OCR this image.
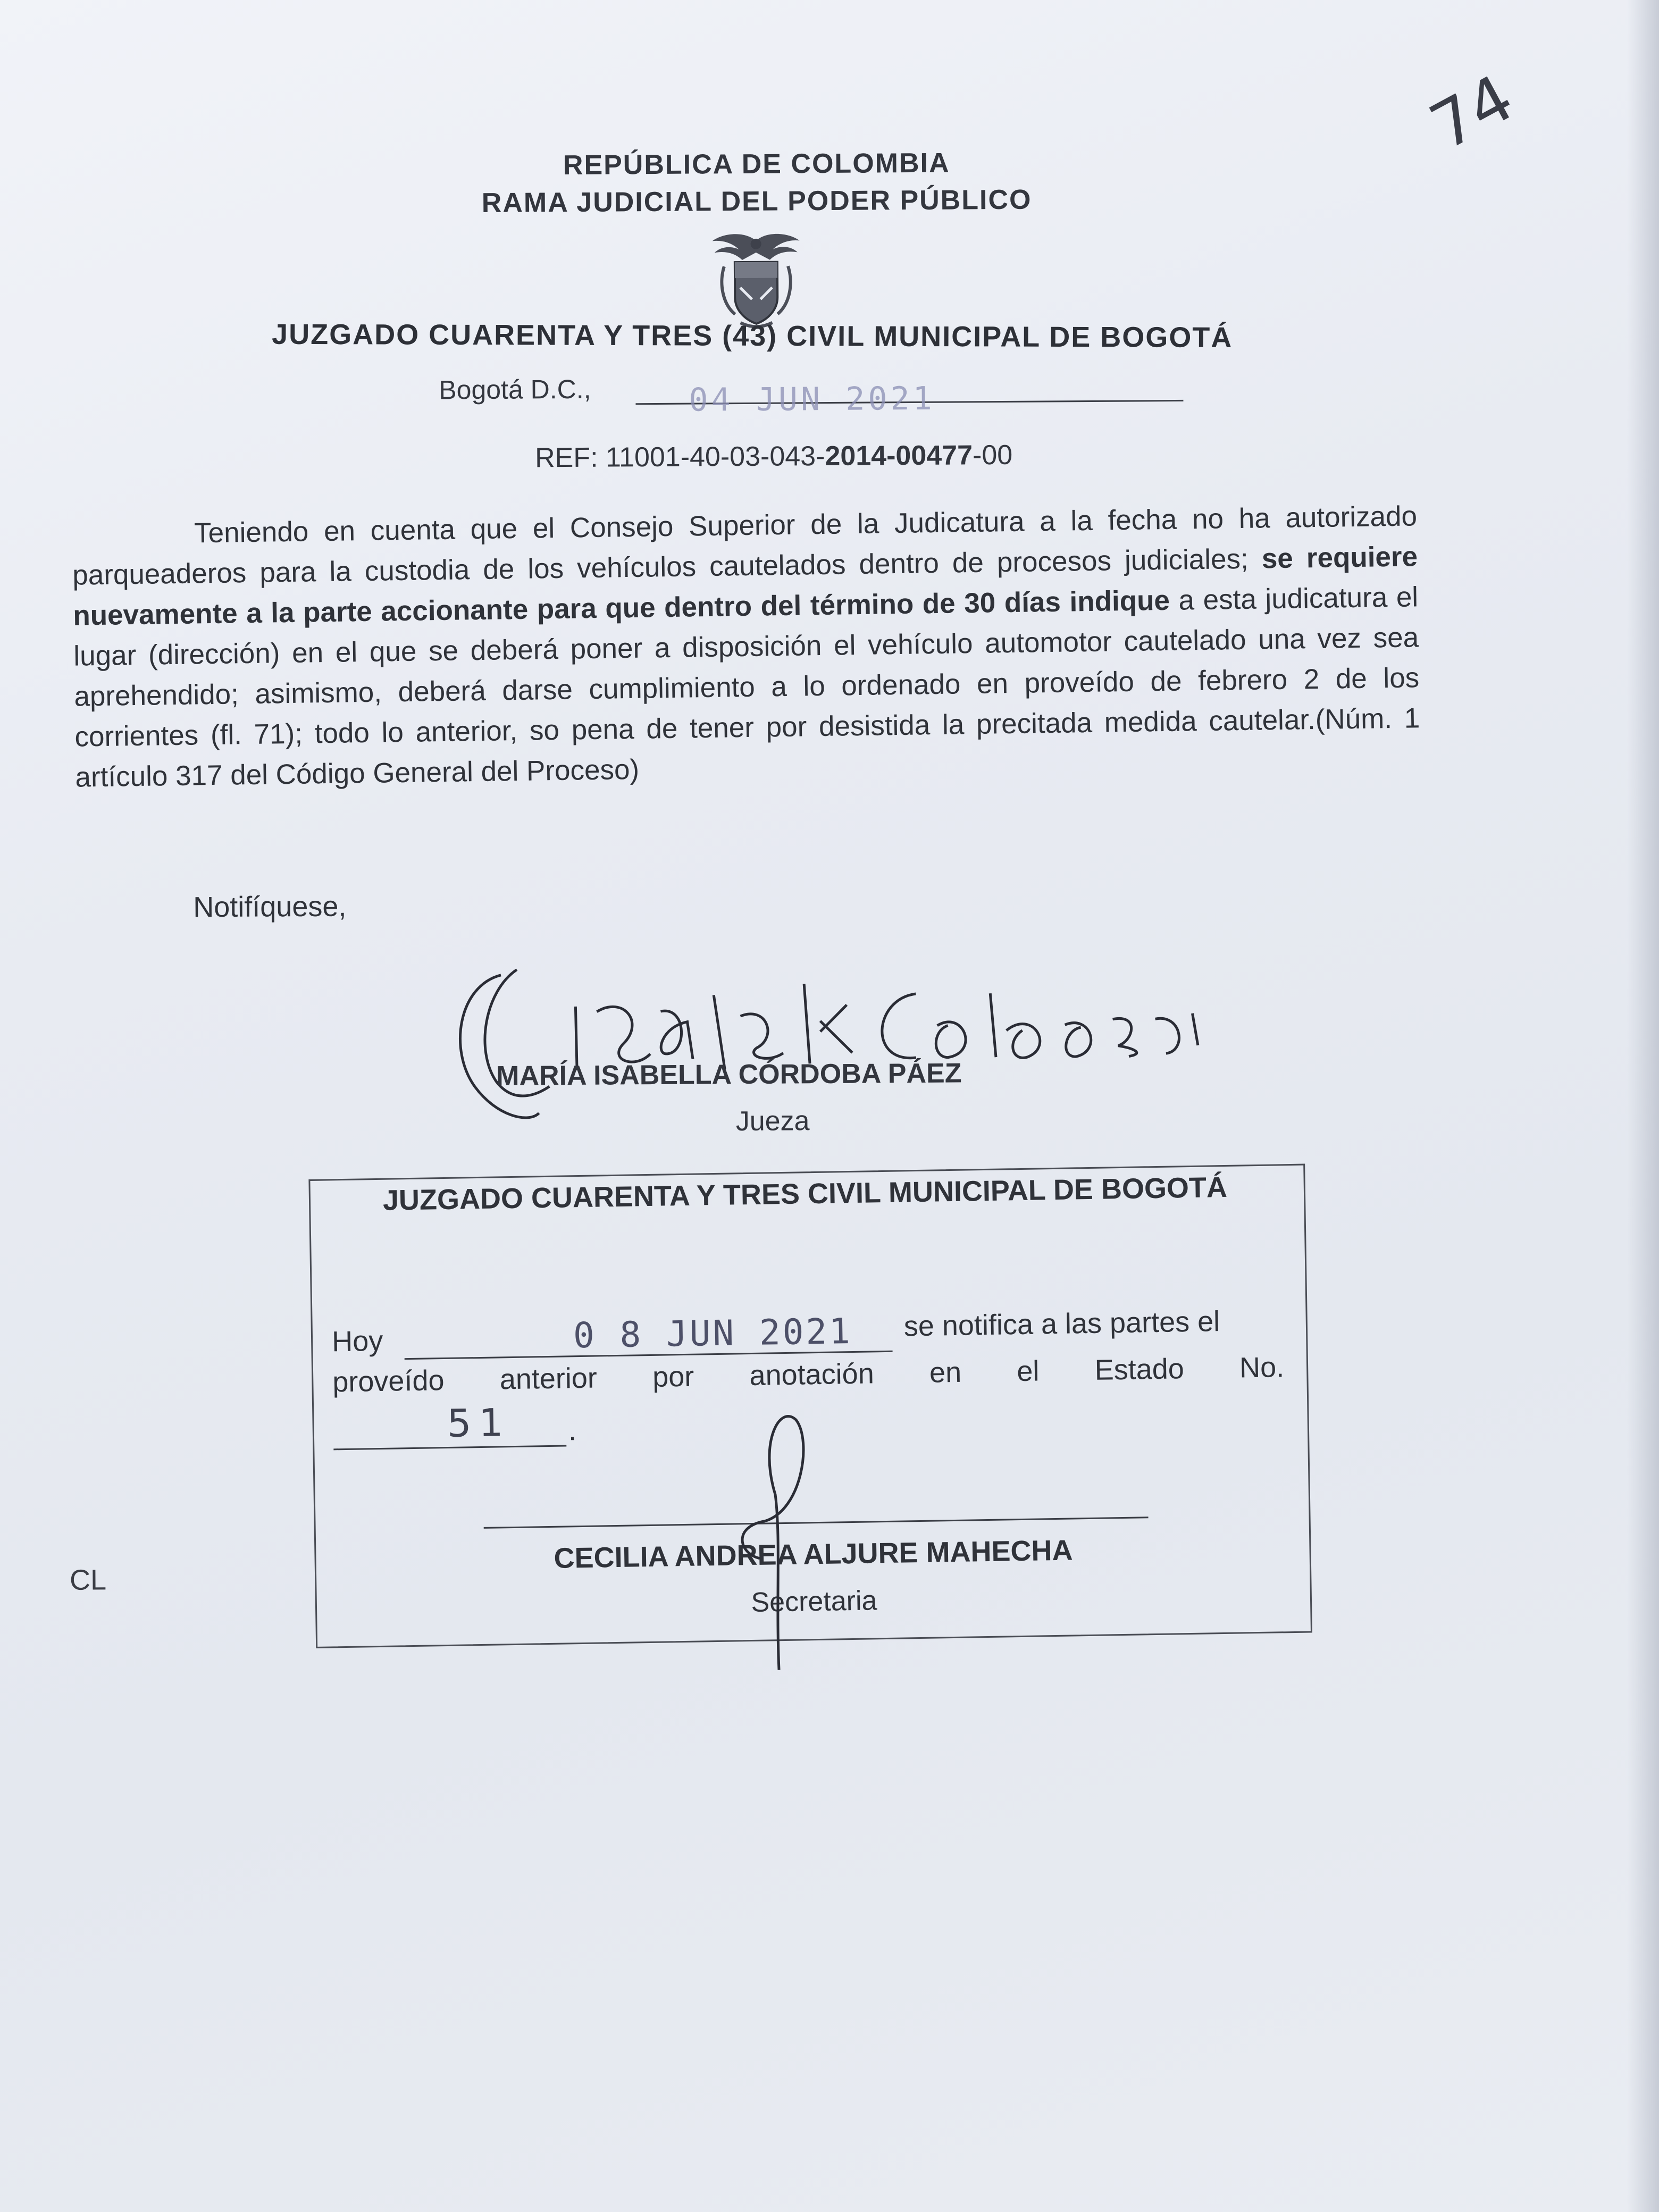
74
REPÚBLICA DE COLOMBIA
RAMA JUDICIAL DEL PODER PÚBLICO
JUZGADO CUARENTA Y TRES (43) CIVIL MUNICIPAL DE BOGOTÁ
Bogotá D.C.,	04 JUN 2021
REF: 11001-40-03-043-2014-00477-00
Teniendo en cuenta que el Consejo Superior de la Judicatura a la fecha no ha autorizado parqueaderos para la custodia de los vehículos cautelados dentro de procesos judiciales; se requiere nuevamente a la parte accionante para que dentro del término de 30 días indique a esta judicatura el lugar (dirección) en el que se deberá poner a disposición el vehículo automotor cautelado una vez sea aprehendido; asimismo, deberá darse cumplimiento a lo ordenado en proveído de febrero 2 de los corrientes (fl. 71); todo lo anterior, so pena de tener por desistida la precitada medida cautelar.(Núm. 1 artículo 317 del Código General del Proceso)
Notifíquese,
MARÍA ISABELLA CÓRDOBA PÁEZ
Jueza
JUZGADO CUARENTA Y TRES CIVIL MUNICIPAL DE BOGOTÁ
Hoy	0 8 JUN 2021 se notifica a las partes el
proveído anterior por anotación en el Estado No.
51 .
CECILIA ANDREA ALJURE MAHECHA
Secretaria
CL
